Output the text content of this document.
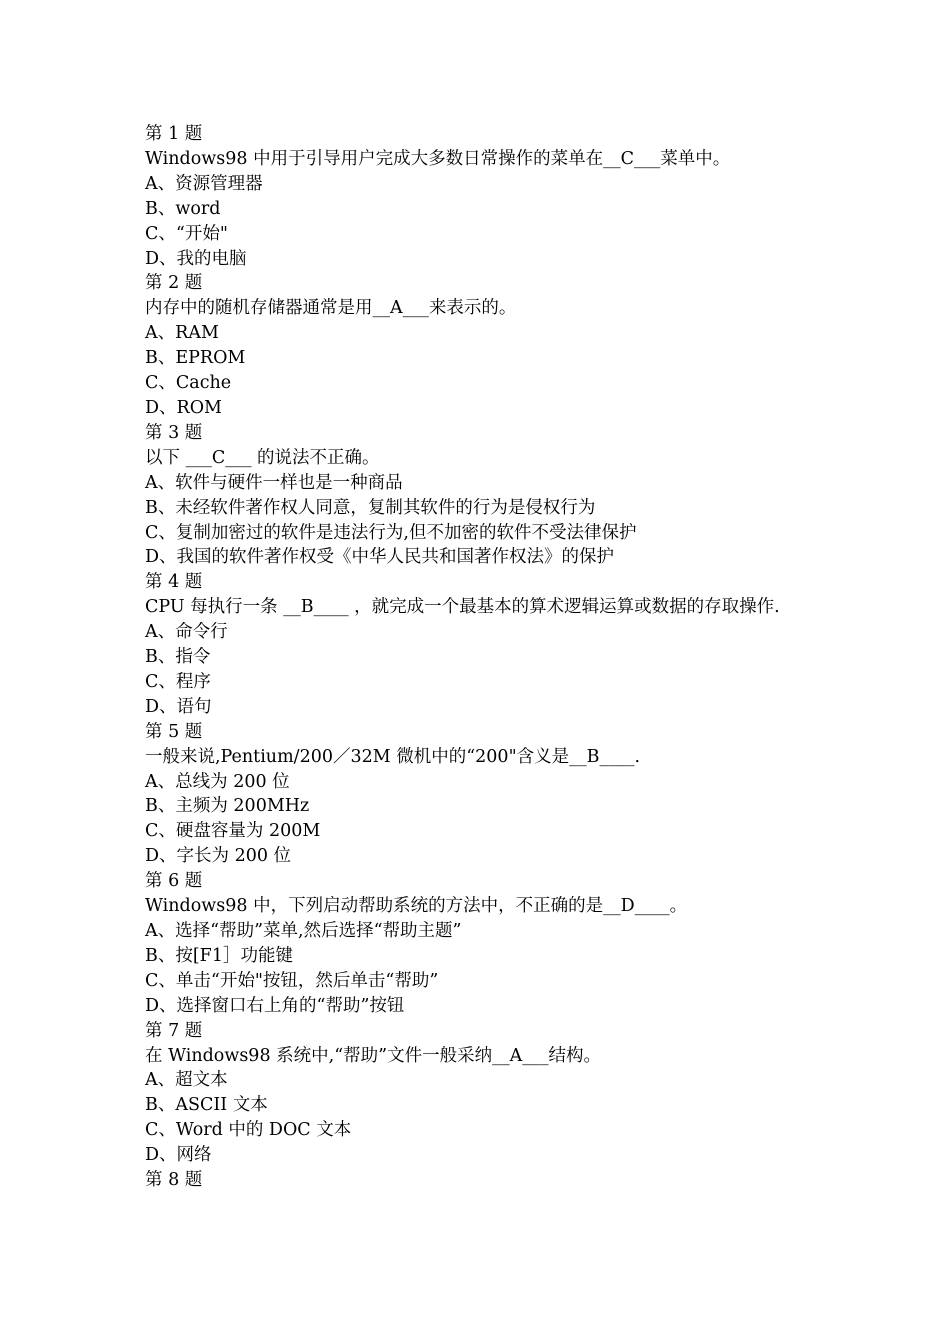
第 1 题

Windows98 中用于引导用户完成大多数日常操作的菜单在__C___菜单中。

A、资源管理器

B、word

C、“开始"

D、我的电脑

第 2 题

内存中的随机存储器通常是用__A___来表示的。

A、RAM

B、EPROM

C、Cache

D、ROM

第 3 题

以下 ___C___ 的说法不正确。

A、软件与硬件一样也是一种商品

B、未经软件著作权人同意，复制其软件的行为是侵权行为

C、复制加密过的软件是违法行为,但不加密的软件不受法律保护

D、我国的软件著作权受《中华人民共和国著作权法》的保护

第 4 题

CPU 每执行一条 __B____ ，就完成一个最基本的算术逻辑运算或数据的存取操作.

A、命令行

B、指令

C、程序

D、语句

第 5 题

一般来说,Pentium/200／32M 微机中的“200"含义是__B____.

A、总线为 200 位

B、主频为 200MHz

C、硬盘容量为 200M

D、字长为 200 位

第 6 题

Windows98 中，下列启动帮助系统的方法中，不正确的是__D____。

A、选择“帮助”菜单,然后选择“帮助主题”

B、按[F1］功能键

C、单击“开始"按钮，然后单击“帮助”

D、选择窗口右上角的“帮助”按钮

第 7 题

在 Windows98 系统中,“帮助”文件一般采纳__A___结构。

A、超文本

B、ASCII 文本

C、Word 中的 DOC 文本

D、网络

第 8 题
